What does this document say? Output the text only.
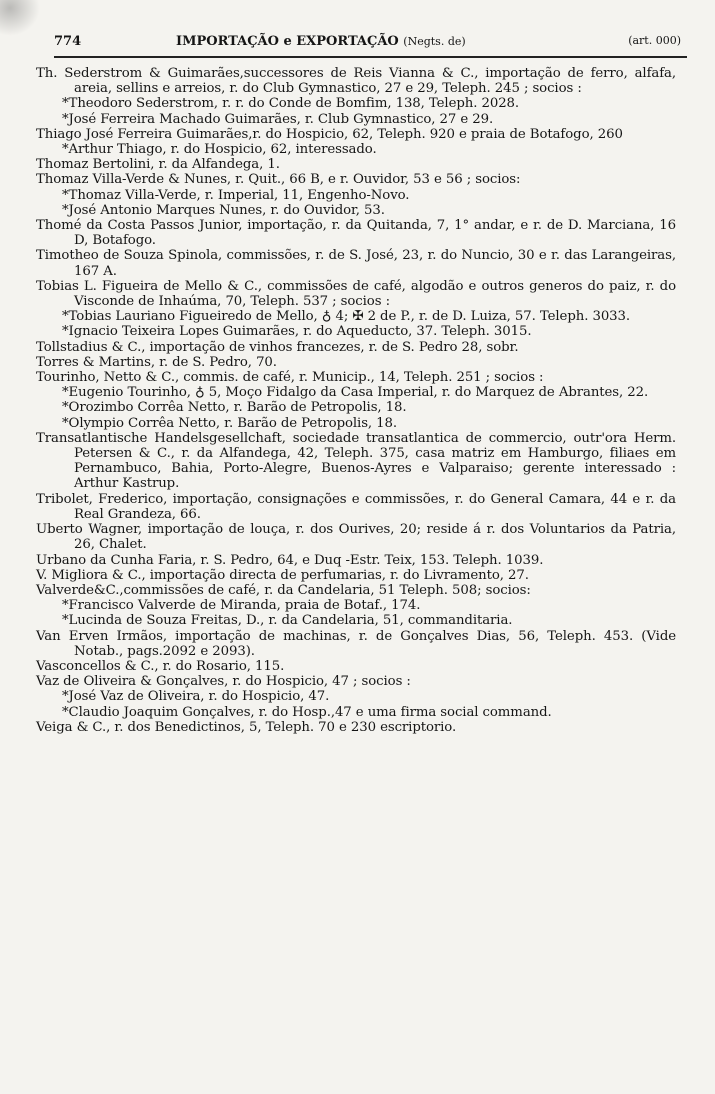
774	IMPORTAÇÃO e EXPORTAÇÃO (Negts. de)	(art. 000)
Th. Sederstrom & Guimarães,successores de Reis Vianna & C., importação de ferro, alfafa, areia, sellins e arreios, r. do Club Gymnastico, 27 e 29, Teleph. 245 ; socios :
*Theodoro Sederstrom, r. r. do Conde de Bomfim, 138, Teleph. 2028.
*José Ferreira Machado Guimarães, r. Club Gymnastico, 27 e 29.
Thiago José Ferreira Guimarães,r. do Hospicio, 62, Teleph. 920 e praia de Botafogo, 260
*Arthur Thiago, r. do Hospicio, 62, interessado.
Thomaz Bertolini, r. da Alfandega, 1.
Thomaz Villa-Verde & Nunes, r. Quit., 66 B, e r. Ouvidor, 53 e 56 ; socios:
*Thomaz Villa-Verde, r. Imperial, 11, Engenho-Novo.
*José Antonio Marques Nunes, r. do Ouvidor, 53.
Thomé da Costa Passos Junior, importação, r. da Quitanda, 7, 1° andar, e r. de D. Marciana, 16 D, Botafogo.
Timotheo de Souza Spinola, commissões, r. de S. José, 23, r. do Nuncio, 30 e r. das Larangeiras, 167 A.
Tobias L. Figueira de Mello & C., commissões de café, algodão e outros generos do paiz, r. do Visconde de Inhaúma, 70, Teleph. 537 ; socios :
*Tobias Lauriano Figueiredo de Mello, ♁ 4; ✠ 2 de P., r. de D. Luiza, 57. Teleph. 3033.
*Ignacio Teixeira Lopes Guimarães, r. do Aqueducto, 37. Teleph. 3015.
Tollstadius & C., importação de vinhos francezes, r. de S. Pedro 28, sobr.
Torres & Martins, r. de S. Pedro, 70.
Tourinho, Netto & C., commis. de café, r. Municip., 14, Teleph. 251 ; socios :
*Eugenio Tourinho, ♁ 5, Moço Fidalgo da Casa Imperial, r. do Marquez de Abrantes, 22.
*Orozimbo Corrêa Netto, r. Barão de Petropolis, 18.
*Olympio Corrêa Netto, r. Barão de Petropolis, 18.
Transatlantische Handelsgesellchaft, sociedade transatlantica de commercio, outr'ora Herm. Petersen & C., r. da Alfandega, 42, Teleph. 375, casa matriz em Hamburgo, filiaes em Pernambuco, Bahia, Porto-Alegre, Buenos-Ayres e Valparaiso; gerente interessado : Arthur Kastrup.
Tribolet, Frederico, importação, consignações e commissões, r. do General Camara, 44 e r. da Real Grandeza, 66.
Uberto Wagner, importação de louça, r. dos Ourives, 20; reside á r. dos Voluntarios da Patria, 26, Chalet.
Urbano da Cunha Faria, r. S. Pedro, 64, e Duq -Estr. Teix, 153. Teleph. 1039.
V. Migliora & C., importação directa de perfumarias, r. do Livramento, 27.
Valverde&C.,commissões de café, r. da Candelaria, 51 Teleph. 508; socios:
*Francisco Valverde de Miranda, praia de Botaf., 174.
*Lucinda de Souza Freitas, D., r. da Candelaria, 51, commanditaria.
Van Erven Irmãos, importação de machinas, r. de Gonçalves Dias, 56, Teleph. 453. (Vide Notab., pags.2092 e 2093).
Vasconcellos & C., r. do Rosario, 115.
Vaz de Oliveira & Gonçalves, r. do Hospicio, 47 ; socios :
*José Vaz de Oliveira, r. do Hospicio, 47.
*Claudio Joaquim Gonçalves, r. do Hosp.,47 e uma firma social command.
Veiga & C., r. dos Benedictinos, 5, Teleph. 70 e 230 escriptorio.
